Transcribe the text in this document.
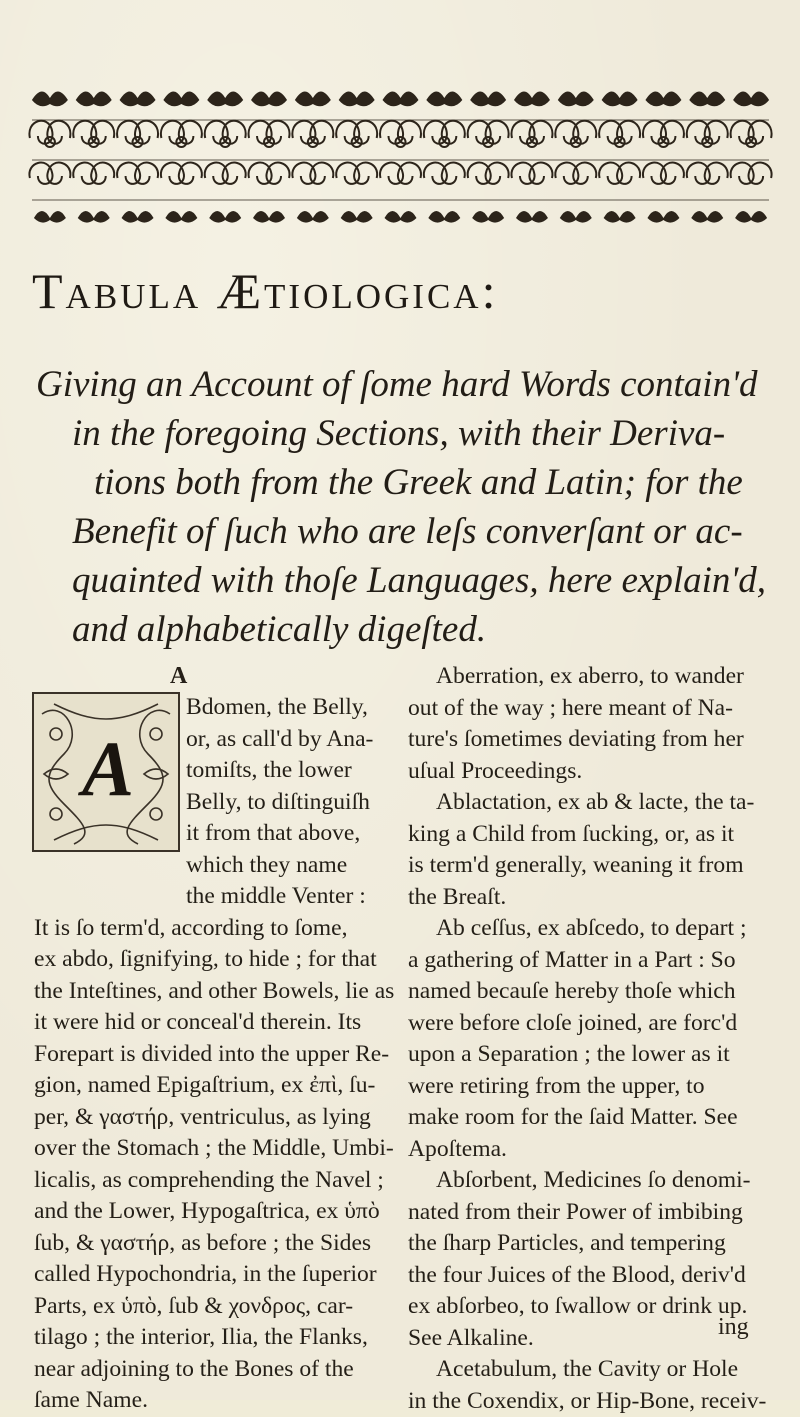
Tabula Ætiologica:
Giving an Account of ſome hard Words contain'd
in the foregoing Sections, with their Deriva-
tions both from the Greek and Latin; for the
Benefit of ſuch who are leſs converſant or ac-
quainted with thoſe Languages, here explain'd,
and alphabetically digeſted.
A
A
Bdomen, the Belly,
or, as call'd by Ana-
tomiſts, the lower
Belly, to diſtinguiſh
it from that above,
which they name
the middle Venter :
It is ſo term'd, according to ſome,
ex abdo, ſignifying, to hide ; for that
the Inteſtines, and other Bowels, lie as
it were hid or conceal'd therein. Its
Forepart is divided into the upper Re-
gion, named Epigaſtrium, ex ἐπὶ, ſu-
per, & γαστήρ, ventriculus, as lying
over the Stomach ; the Middle, Umbi-
licalis, as comprehending the Navel ;
and the Lower, Hypogaſtrica, ex ὑπὸ
ſub, & γαστήρ, as before ; the Sides
called Hypochondria, in the ſuperior
Parts, ex ὑπὸ, ſub & χονδρος, car-
tilago ; the interior, Ilia, the Flanks,
near adjoining to the Bones of the
ſame Name.
Aberration, ex aberro, to wander
out of the way ; here meant of Na-
ture's ſometimes deviating from her
uſual Proceedings.
Ablactation, ex ab & lacte, the ta-
king a Child from ſucking, or, as it
is term'd generally, weaning it from
the Breaſt.
Ab ceſſus, ex abſcedo, to depart ;
a gathering of Matter in a Part : So
named becauſe hereby thoſe which
were before cloſe joined, are forc'd
upon a Separation ; the lower as it
were retiring from the upper, to
make room for the ſaid Matter. See
Apoſtema.
Abſorbent, Medicines ſo denomi-
nated from their Power of imbibing
the ſharp Particles, and tempering
the four Juices of the Blood, deriv'd
ex abſorbeo, to ſwallow or drink up.
See Alkaline.
Acetabulum, the Cavity or Hole
in the Coxendix, or Hip-Bone, receiv-
ing
